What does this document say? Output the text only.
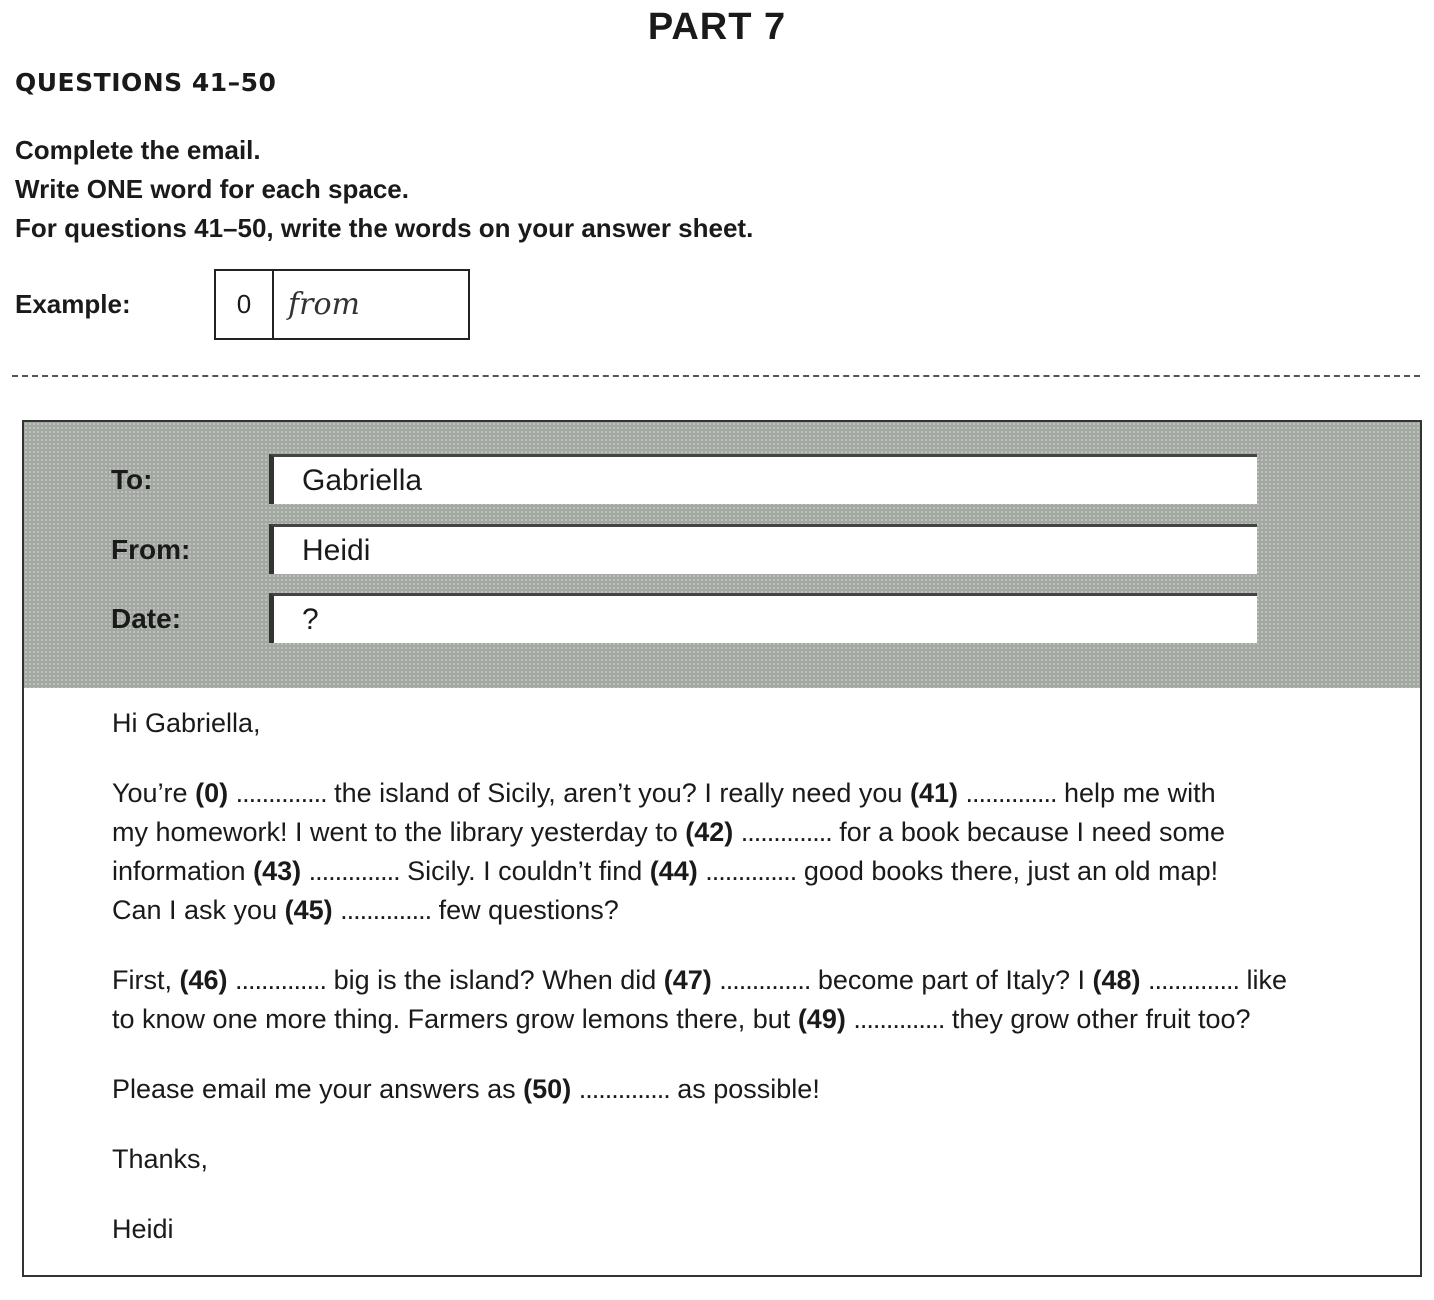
PART 7
QUESTIONS 41–50
Complete the email.
Write ONE word for each space.
For questions 41–50, write the words on your answer sheet.
Example:	0	from
To:	Gabriella
From:	Heidi
Date:	?
Hi Gabriella,
You’re (0) .............. the island of Sicily, aren’t you? I really need you (41) .............. help me with
my homework! I went to the library yesterday to (42) .............. for a book because I need some
information (43) .............. Sicily. I couldn’t find (44) .............. good books there, just an old map!
Can I ask you (45) .............. few questions?
First, (46) .............. big is the island? When did (47) .............. become part of Italy? I (48) .............. like
to know one more thing. Farmers grow lemons there, but (49) .............. they grow other fruit too?
Please email me your answers as (50) .............. as possible!
Thanks,
Heidi
